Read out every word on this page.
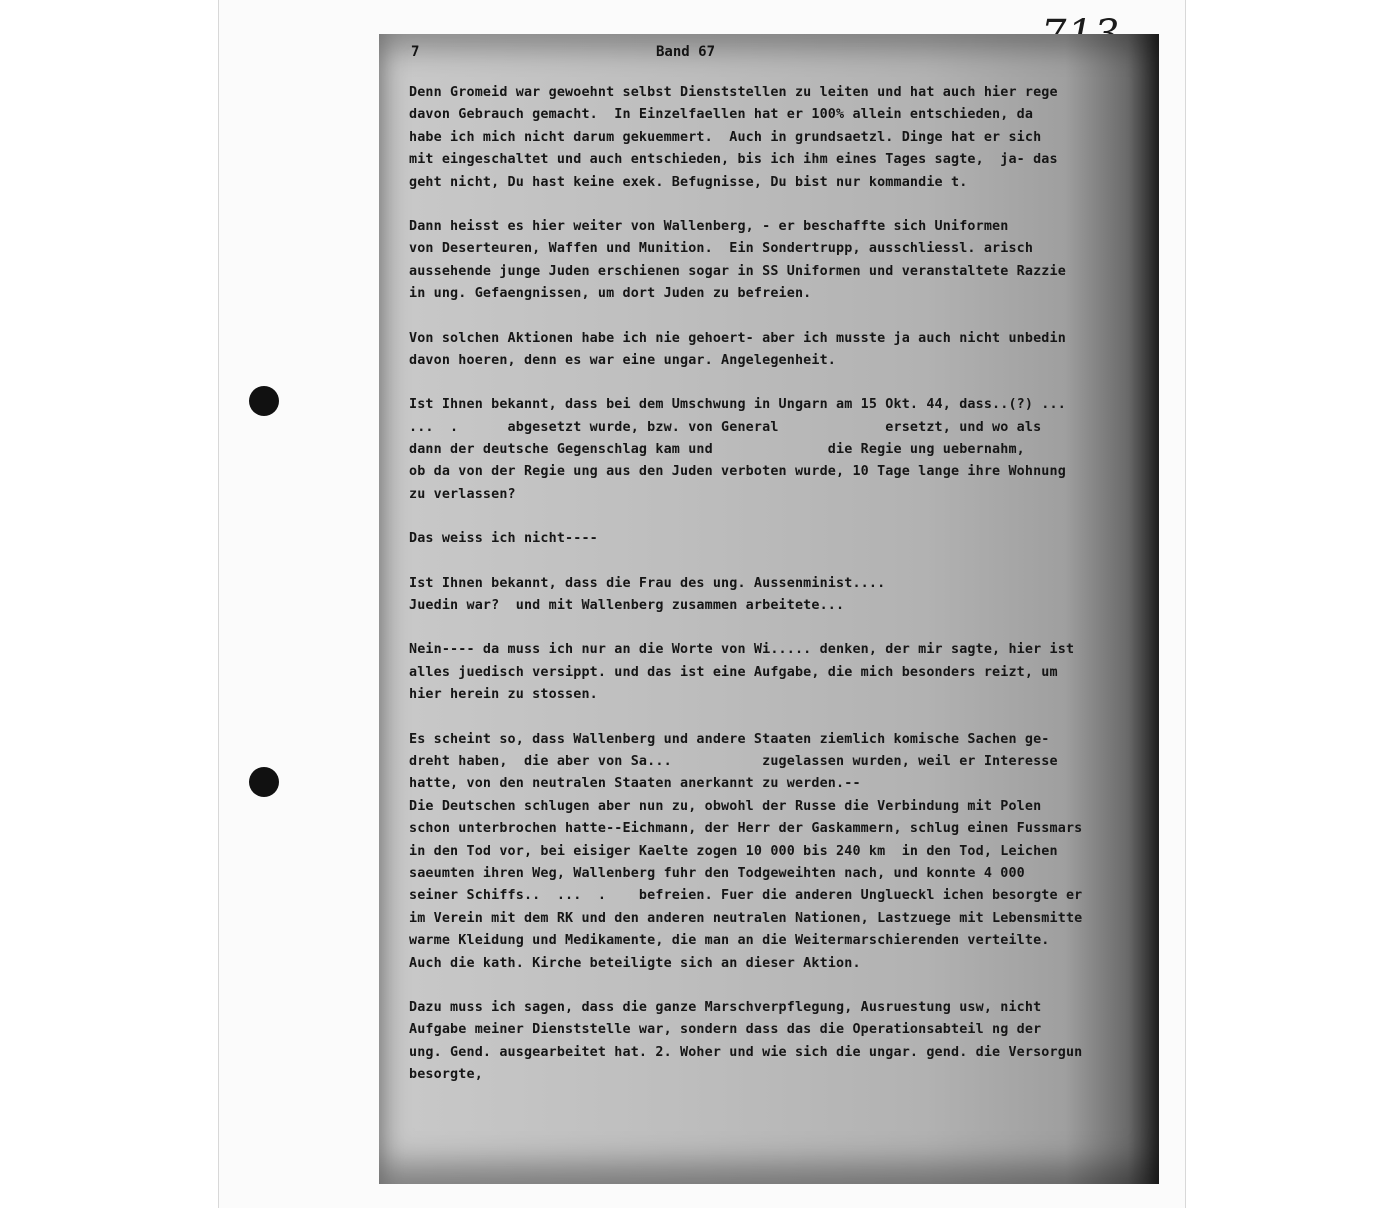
7	Band 67
Denn Gromeid war gewoehnt selbst Dienststellen zu leiten und hat auch hier rege
davon Gebrauch gemacht.  In Einzelfaellen hat er 100% allein entschieden, da
habe ich mich nicht darum gekuemmert.  Auch in grundsaetzl. Dinge hat er sich
mit eingeschaltet und auch entschieden, bis ich ihm eines Tages sagte,  ja- das
geht nicht, Du hast keine exek. Befugnisse, Du bist nur kommandie t.
Dann heisst es hier weiter von Wallenberg, - er beschaffte sich Uniformen
von Deserteuren, Waffen und Munition.  Ein Sondertrupp, ausschliessl. arisch
aussehende junge Juden erschienen sogar in SS Uniformen und veranstaltete Razzie
in ung. Gefaengnissen, um dort Juden zu befreien.
Von solchen Aktionen habe ich nie gehoert- aber ich musste ja auch nicht unbedin
davon hoeren, denn es war eine ungar. Angelegenheit.
Ist Ihnen bekannt, dass bei dem Umschwung in Ungarn am 15 Okt. 44, dass..(?) ...
...  .      abgesetzt wurde, bzw. von General             ersetzt, und wo als
dann der deutsche Gegenschlag kam und              die Regie ung uebernahm,
ob da von der Regie ung aus den Juden verboten wurde, 10 Tage lange ihre Wohnung
zu verlassen?
Das weiss ich nicht----
Ist Ihnen bekannt, dass die Frau des ung. Aussenminist....
Juedin war?  und mit Wallenberg zusammen arbeitete...
Nein---- da muss ich nur an die Worte von Wi..... denken, der mir sagte, hier ist
alles juedisch versippt. und das ist eine Aufgabe, die mich besonders reizt, um
hier herein zu stossen.
Es scheint so, dass Wallenberg und andere Staaten ziemlich komische Sachen ge-
dreht haben,  die aber von Sa...           zugelassen wurden, weil er Interesse
hatte, von den neutralen Staaten anerkannt zu werden.--
Die Deutschen schlugen aber nun zu, obwohl der Russe die Verbindung mit Polen
schon unterbrochen hatte--Eichmann, der Herr der Gaskammern, schlug einen Fussmars
in den Tod vor, bei eisiger Kaelte zogen 10 000 bis 240 km  in den Tod, Leichen
saeumten ihren Weg, Wallenberg fuhr den Todgeweihten nach, und konnte 4 000
seiner Schiffs..  ...  .    befreien. Fuer die anderen Unglueckl ichen besorgte er
im Verein mit dem RK und den anderen neutralen Nationen, Lastzuege mit Lebensmitte
warme Kleidung und Medikamente, die man an die Weitermarschierenden verteilte.
Auch die kath. Kirche beteiligte sich an dieser Aktion.
Dazu muss ich sagen, dass die ganze Marschverpflegung, Ausruestung usw, nicht
Aufgabe meiner Dienststelle war, sondern dass das die Operationsabteil ng der
ung. Gend. ausgearbeitet hat. 2. Woher und wie sich die ungar. gend. die Versorgun
besorgte,
